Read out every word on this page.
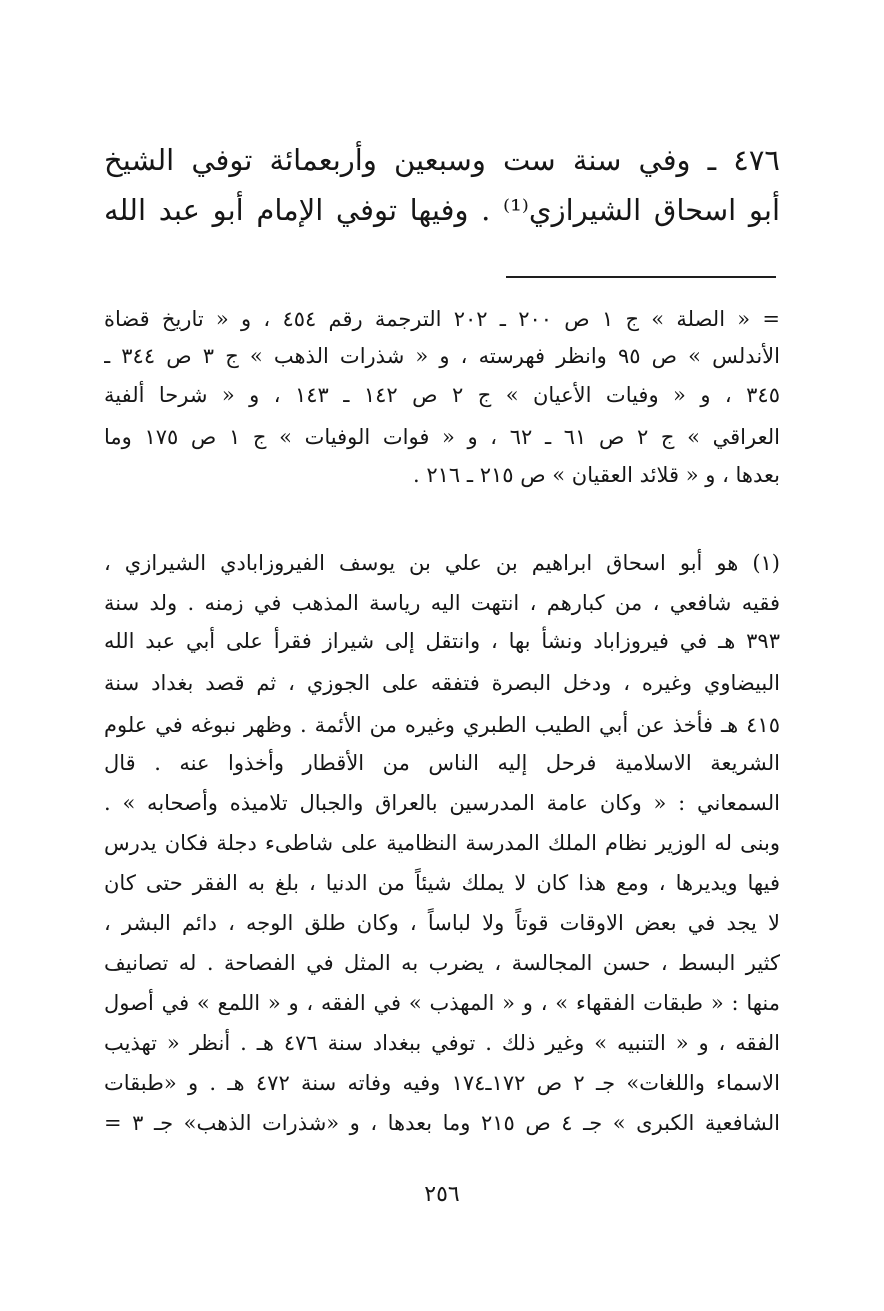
٤٧٦ ـ وفي سنة ست وسبعين وأربعمائة توفي الشيخ
أبو اسحاق الشيرازي⁽¹⁾ . وفيها توفي الإمام أبو عبد الله
= « الصلة » ج ١ ص ٢٠٠ ـ ٢٠٢ الترجمة رقم ٤٥٤ ، و « تاريخ قضاة
الأندلس » ص ٩٥ وانظر فهرسته ، و « شذرات الذهب » ج ٣ ص ٣٤٤ ـ
٣٤٥ ، و « وفيات الأعيان » ج ٢ ص ١٤٢ ـ ١٤٣ ، و « شرحا ألفية
العراقي » ج ٢ ص ٦١ ـ ٦٢ ، و « فوات الوفيات » ج ١ ص ١٧٥ وما
بعدها ، و « قلائد العقيان » ص ٢١٥ ـ ٢١٦ .
(١) هو أبو اسحاق ابراهيم بن علي بن يوسف الفيروزابادي الشيرازي ،
فقيه شافعي ، من كبارهم ، انتهت اليه رياسة المذهب في زمنه . ولد سنة
٣٩٣ هـ في فيروزاباد ونشأ بها ، وانتقل إلى شيراز فقرأ على أبي عبد الله
البيضاوي وغيره ، ودخل البصرة فتفقه على الجوزي ، ثم قصد بغداد سنة
٤١٥ هـ فأخذ عن أبي الطيب الطبري وغيره من الأئمة . وظهر نبوغه في علوم
الشريعة الاسلامية فرحل إليه الناس من الأقطار وأخذوا عنه . قال
السمعاني : « وكان عامة المدرسين بالعراق والجبال تلاميذه وأصحابه » .
وبنى له الوزير نظام الملك المدرسة النظامية على شاطىء دجلة فكان يدرس
فيها ويديرها ، ومع هذا كان لا يملك شيئاً من الدنيا ، بلغ به الفقر حتى كان
لا يجد في بعض الاوقات قوتاً ولا لباساً ، وكان طلق الوجه ، دائم البشر ،
كثير البسط ، حسن المجالسة ، يضرب به المثل في الفصاحة . له تصانيف
منها : « طبقات الفقهاء » ، و « المهذب » في الفقه ، و « اللمع » في أصول
الفقه ، و « التنبيه » وغير ذلك . توفي ببغداد سنة ٤٧٦ هـ . أنظر « تهذيب
الاسماء واللغات» جـ ٢ ص ١٧٢ـ١٧٤ وفيه وفاته سنة ٤٧٢ هـ . و «طبقات
الشافعية الكبرى » جـ ٤ ص ٢١٥ وما بعدها ، و «شذرات الذهب» جـ ٣ =
٢٥٦
